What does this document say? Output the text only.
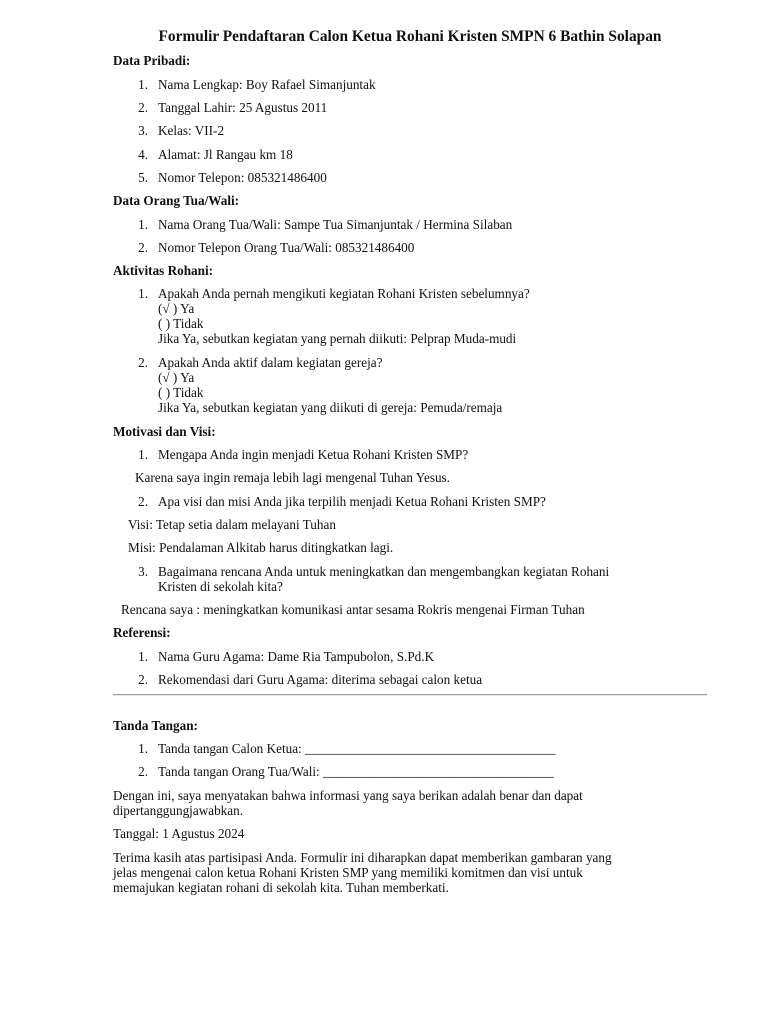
Formulir Pendaftaran Calon Ketua Rohani Kristen SMPN 6 Bathin Solapan
Data Pribadi:
1. Nama Lengkap: Boy Rafael Simanjuntak
2. Tanggal Lahir: 25 Agustus 2011
3. Kelas: VII-2
4. Alamat: Jl Rangau km 18
5. Nomor Telepon: 085321486400
Data Orang Tua/Wali:
1. Nama Orang Tua/Wali: Sampe Tua Simanjuntak / Hermina Silaban
2. Nomor Telepon Orang Tua/Wali: 085321486400
Aktivitas Rohani:
1. Apakah Anda pernah mengikuti kegiatan Rohani Kristen sebelumnya?
(√ ) Ya
( ) Tidak
Jika Ya, sebutkan kegiatan yang pernah diikuti: Pelprap Muda-mudi
2. Apakah Anda aktif dalam kegiatan gereja?
(√ ) Ya
( ) Tidak
Jika Ya, sebutkan kegiatan yang diikuti di gereja: Pemuda/remaja
Motivasi dan Visi:
1. Mengapa Anda ingin menjadi Ketua Rohani Kristen SMP?
Karena saya ingin remaja lebih lagi mengenal Tuhan Yesus.
2. Apa visi dan misi Anda jika terpilih menjadi Ketua Rohani Kristen SMP?
Visi: Tetap setia dalam melayani Tuhan
Misi: Pendalaman Alkitab harus ditingkatkan lagi.
3. Bagaimana rencana Anda untuk meningkatkan dan mengembangkan kegiatan Rohani
Kristen di sekolah kita?
Rencana saya : meningkatkan komunikasi antar sesama Rokris mengenai Firman Tuhan
Referensi:
1. Nama Guru Agama: Dame Ria Tampubolon, S.Pd.K
2. Rekomendasi dari Guru Agama: diterima sebagai calon ketua
Tanda Tangan:
1. Tanda tangan Calon Ketua: ______________________________________
2. Tanda tangan Orang Tua/Wali: ___________________________________
Dengan ini, saya menyatakan bahwa informasi yang saya berikan adalah benar dan dapat
dipertanggungjawabkan.
Tanggal: 1 Agustus 2024
Terima kasih atas partisipasi Anda. Formulir ini diharapkan dapat memberikan gambaran yang
jelas mengenai calon ketua Rohani Kristen SMP yang memiliki komitmen dan visi untuk
memajukan kegiatan rohani di sekolah kita. Tuhan memberkati.
